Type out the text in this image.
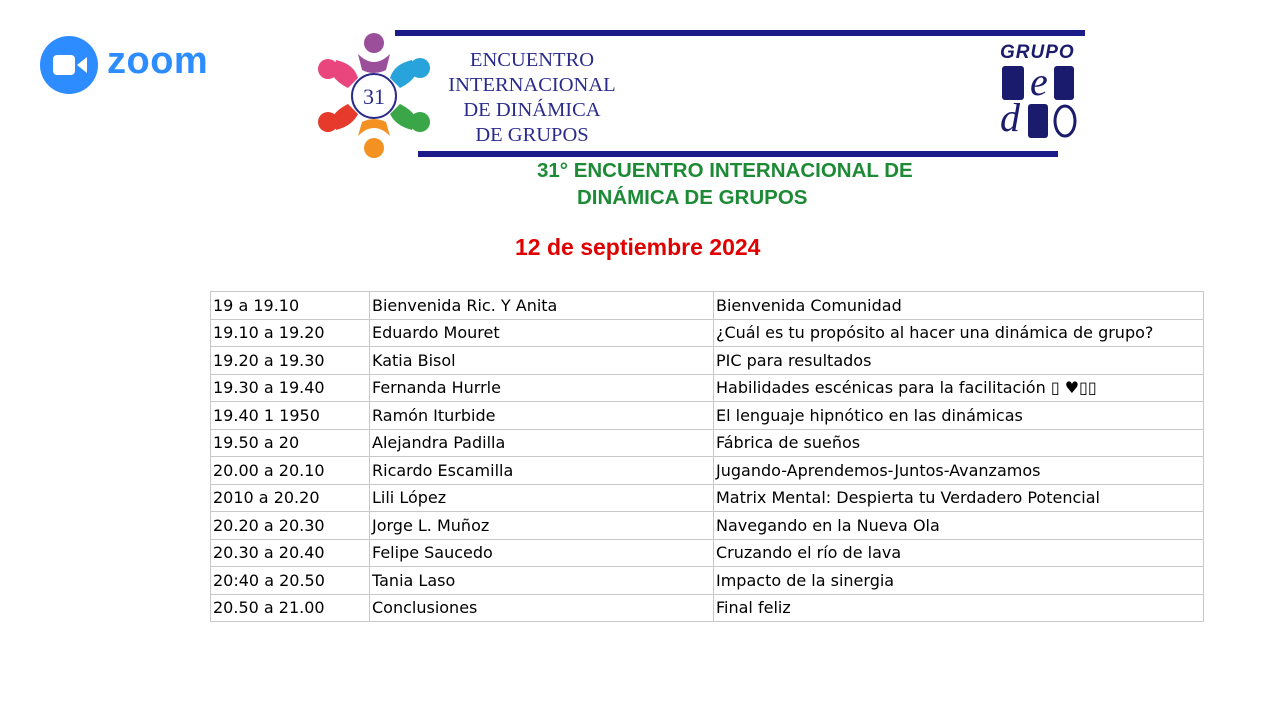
zoom
31
ENCUENTRO
INTERNACIONAL
DE DINÁMICA
DE GRUPOS
GRUPO
e
d
31° ENCUENTRO INTERNACIONAL DE
DINÁMICA DE GRUPOS
12 de septiembre 2024
19 a 19.10	Bienvenida Ric. Y Anita	Bienvenida Comunidad
19.10 a 19.20	Eduardo Mouret	¿Cuál es tu propósito al hacer una dinámica de grupo?
19.20 a 19.30	Katia Bisol	PIC para resultados
19.30 a 19.40	Fernanda Hurrle	Habilidades escénicas para la facilitación ▯ ♥▯▯
19.40 1 1950	Ramón Iturbide	El lenguaje hipnótico en las dinámicas
19.50 a 20	Alejandra Padilla	Fábrica de sueños
20.00 a 20.10	Ricardo Escamilla	Jugando-Aprendemos-Juntos-Avanzamos
2010 a 20.20	Lili López	Matrix Mental: Despierta tu Verdadero Potencial
20.20 a 20.30	Jorge L. Muñoz	Navegando en la Nueva Ola
20.30 a 20.40	Felipe Saucedo	Cruzando el río de lava
20:40 a 20.50	Tania Laso	Impacto de la sinergia
20.50 a 21.00	Conclusiones	Final feliz
